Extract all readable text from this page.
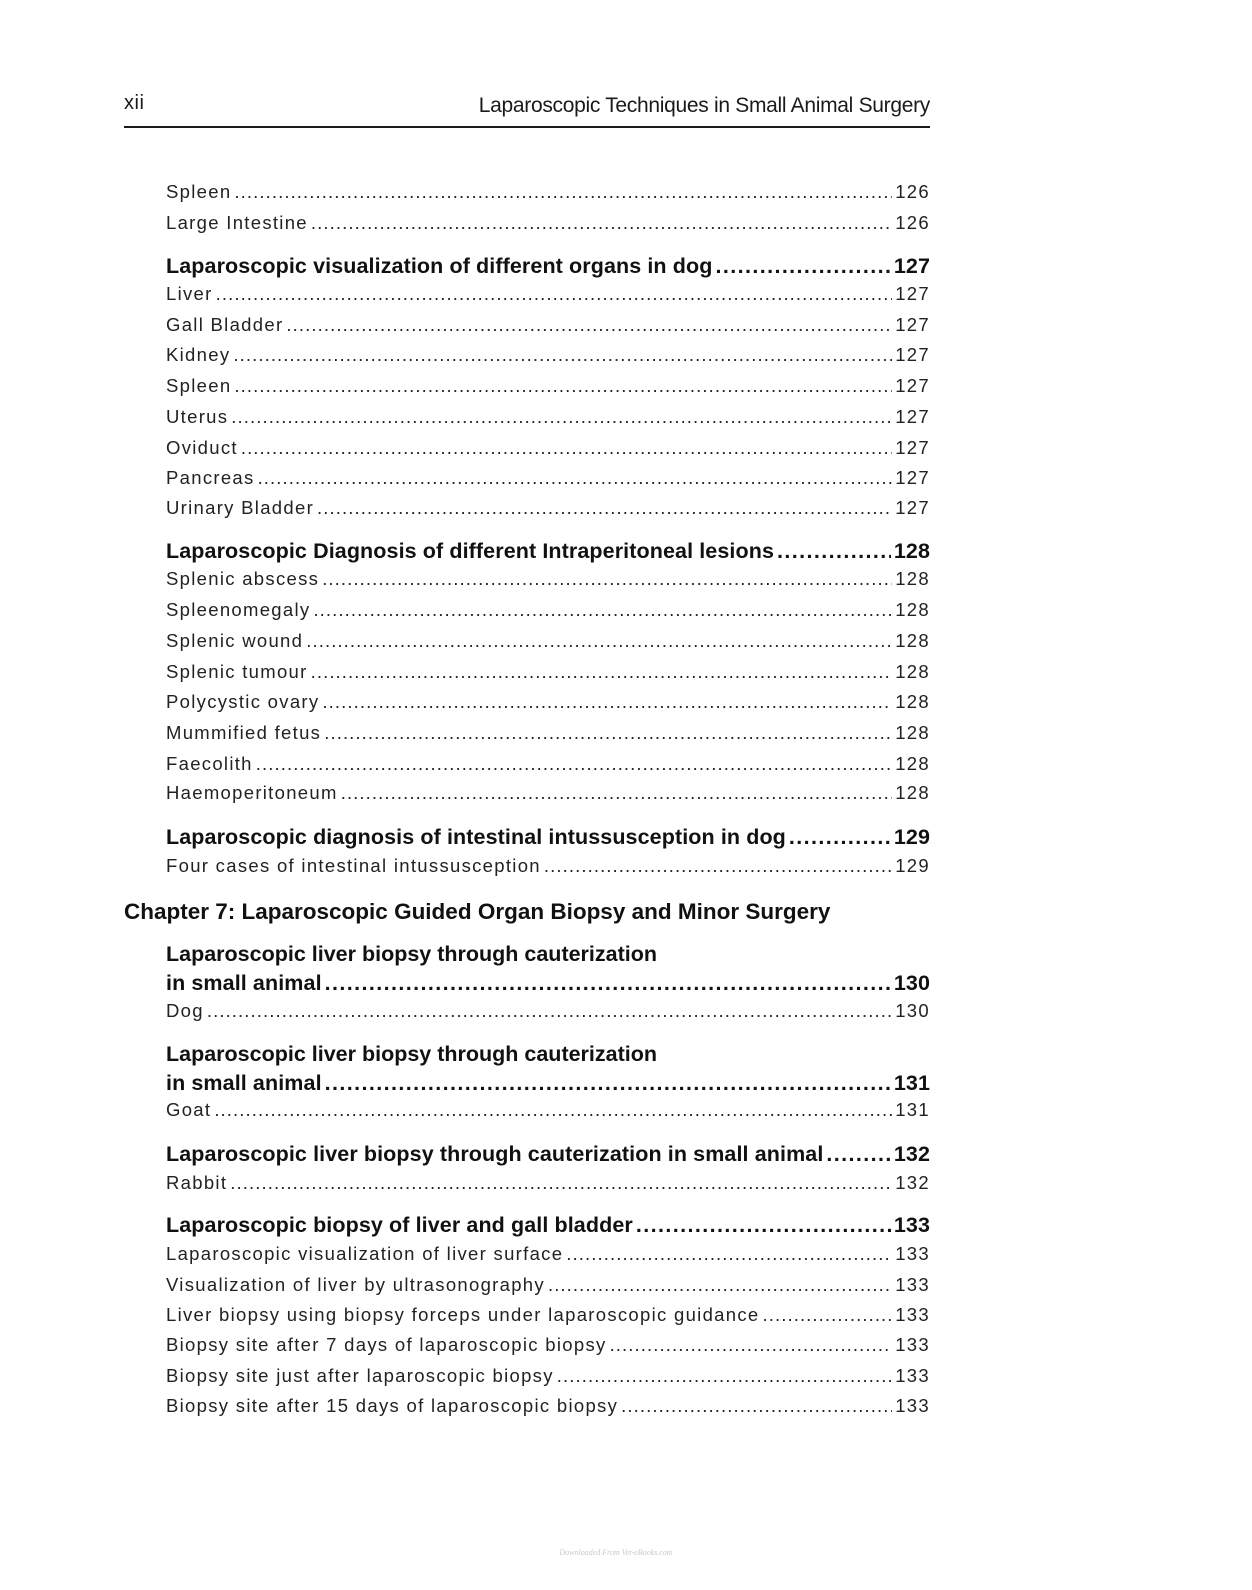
xii	Laparoscopic Techniques in Small Animal Surgery
Spleen .....	126
Large Intestine .....	126
Laparoscopic visualization of different organs in dog .....	127
Liver .....	127
Gall Bladder .....	127
Kidney .....	127
Spleen .....	127
Uterus .....	127
Oviduct .....	127
Pancreas .....	127
Urinary Bladder .....	127
Laparoscopic Diagnosis of different Intraperitoneal lesions .....	128
Splenic abscess .....	128
Spleenomegaly .....	128
Splenic wound .....	128
Splenic tumour .....	128
Polycystic ovary .....	128
Mummified fetus .....	128
Faecolith .....	128
Haemoperitoneum .....	128
Laparoscopic diagnosis of intestinal intussusception in dog .....	129
Four cases of intestinal intussusception .....	129
Chapter 7: Laparoscopic Guided Organ Biopsy and Minor Surgery
Laparoscopic liver biopsy through cauterization
in small animal .....	130
Dog .....	130
Laparoscopic liver biopsy through cauterization
in small animal .....	131
Goat .....	131
Laparoscopic liver biopsy through cauterization in small animal .....	132
Rabbit .....	132
Laparoscopic biopsy of liver and gall bladder .....	133
Laparoscopic visualization of liver surface .....	133
Visualization of liver by ultrasonography .....	133
Liver biopsy using biopsy forceps under laparoscopic guidance .....	133
Biopsy site after 7 days of laparoscopic biopsy .....	133
Biopsy site just after laparoscopic biopsy .....	133
Biopsy site after 15 days of laparoscopic biopsy .....	133
Downloaded From Vet-eBooks.com
